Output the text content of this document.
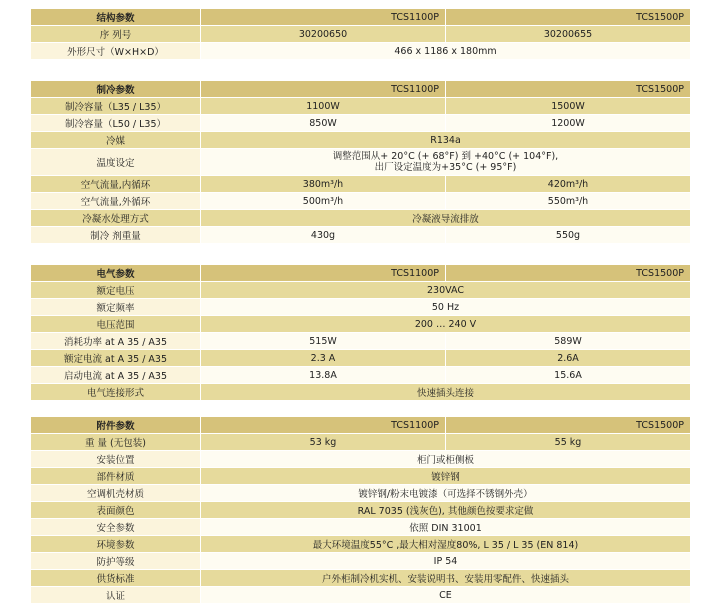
结构参数	TCS1100P	TCS1500P
序 列号	30200650	30200655
外形尺寸（W×H×D）	466 x 1186 x 180mm	
制冷参数	TCS1100P	TCS1500P
制冷容量（L35 / L35）	1100W	1500W
制冷容量（L50 / L35）	850W	1200W
冷媒	R134a	
温度设定	调整范围从+ 20°C (+ 68°F) 到 +40°C (+ 104°F),
出厂设定温度为+35°C (+ 95°F)	

空气流量,内循环	380m³/h	420m³/h
空气流量,外循环	500m³/h	550m³/h
冷凝水处理方式	冷凝液导流排放	
制冷 剂重量	430g	550g
电气参数	TCS1100P	TCS1500P
额定电压	230VAC	
额定频率	50 Hz	
电压范围	200 … 240 V	
消耗功率 at A 35 / A35	515W	589W
额定电流 at A 35 / A35	2.3 A	2.6A
启动电流 at A 35 / A35	13.8A	15.6A
电气连接形式	快速插头连接	
附件参数	TCS1100P	TCS1500P
重 量 (无包装)	53 kg	55 kg
安装位置	柜门或柜侧板	
部件材质	镀锌钢	
空调机壳材质	镀锌钢/粉末电镀漆（可选择不锈钢外壳）	
表面颜色	RAL 7035 (浅灰色), 其他颜色按要求定做	
安全参数	依照 DIN 31001	
环境参数	最大环境温度55°C ,最大相对湿度80%, L 35 / L 35 (EN 814)	
防护等级	IP 54	
供货标准	户外柜制冷机实机、安装说明书、安装用零配件、快速插头	
认证	CE	
